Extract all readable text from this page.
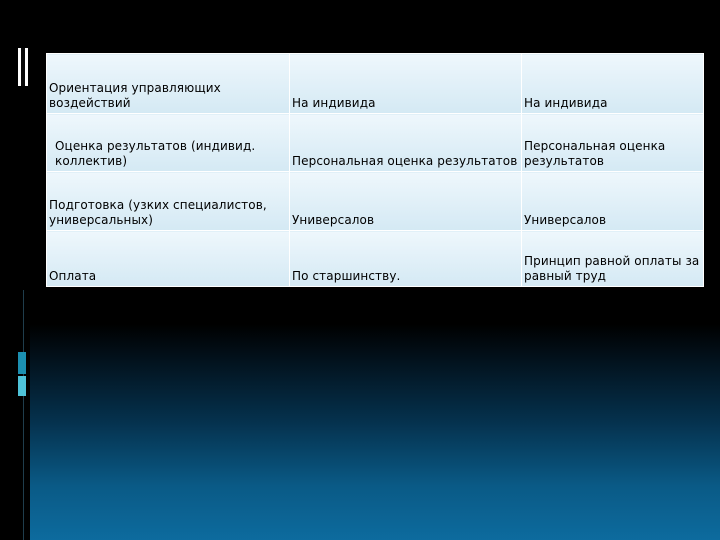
Ориентация управляющих воздействий	На индивида	На индивида
Оценка результатов (индивид. коллектив)	Персональная оценка результатов	Персональная оценка результатов
Подготовка (узких специалистов, универсальных)	Универсалов	Универсалов
Оплата	По старшинству.	Принцип равной оплаты за равный труд
